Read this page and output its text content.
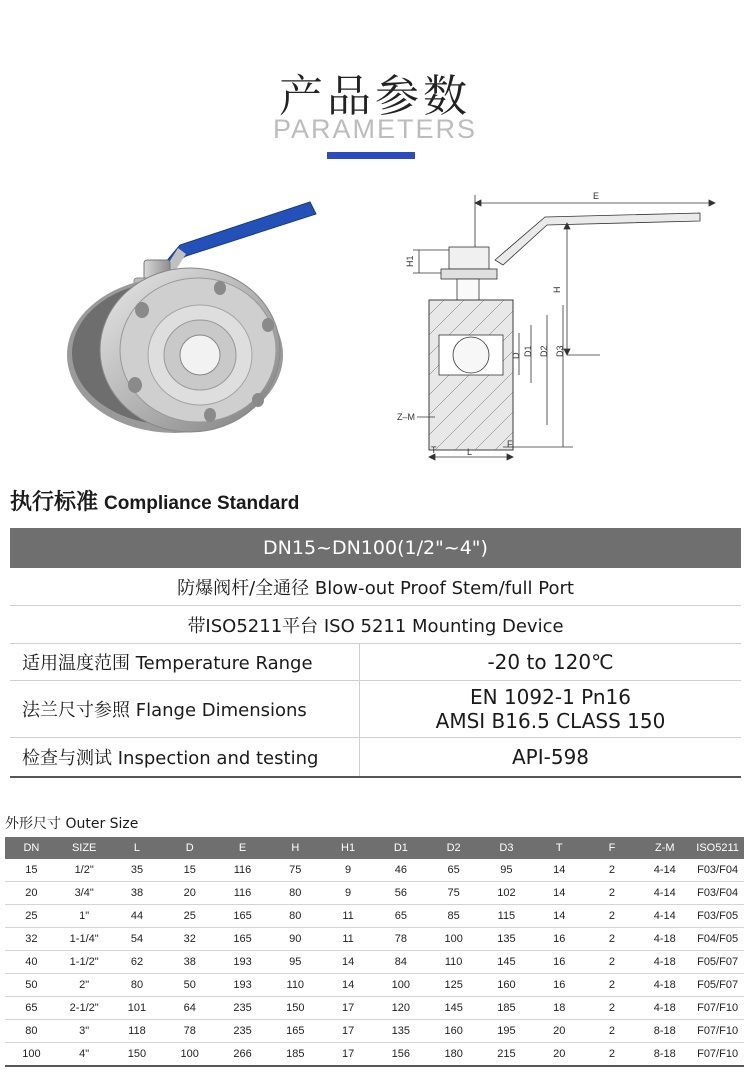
产品参数
PARAMETERS
E
H
H1
D D1 D2 D3
Z–M
L
T
F
执行标准 Compliance Standard
DN15~DN100(1/2"~4")	
防爆阀杆/全通径 Blow-out Proof Stem/full Port	
带ISO5211平台 ISO 5211 Mounting Device	
适用温度范围 Temperature Range	-20 to 120℃
法兰尺寸参照 Flange Dimensions	EN 1092-1 Pn16
AMSI B16.5 CLASS 150

检查与测试 Inspection and testing	API-598
外形尺寸 Outer Size
DN	SIZE	L	D	E	H	H1	D1	D2	D3	T	F	Z-M	ISO5211
15	1/2"	35	15	116	75	9	46	65	95	14	2	4-14	F03/F04
20	3/4"	38	20	116	80	9	56	75	102	14	2	4-14	F03/F04
25	1"	44	25	165	80	11	65	85	115	14	2	4-14	F03/F05
32	1-1/4"	54	32	165	90	11	78	100	135	16	2	4-18	F04/F05
40	1-1/2"	62	38	193	95	14	84	110	145	16	2	4-18	F05/F07
50	2"	80	50	193	110	14	100	125	160	16	2	4-18	F05/F07
65	2-1/2"	101	64	235	150	17	120	145	185	18	2	4-18	F07/F10
80	3"	118	78	235	165	17	135	160	195	20	2	8-18	F07/F10
100	4"	150	100	266	185	17	156	180	215	20	2	8-18	F07/F10
